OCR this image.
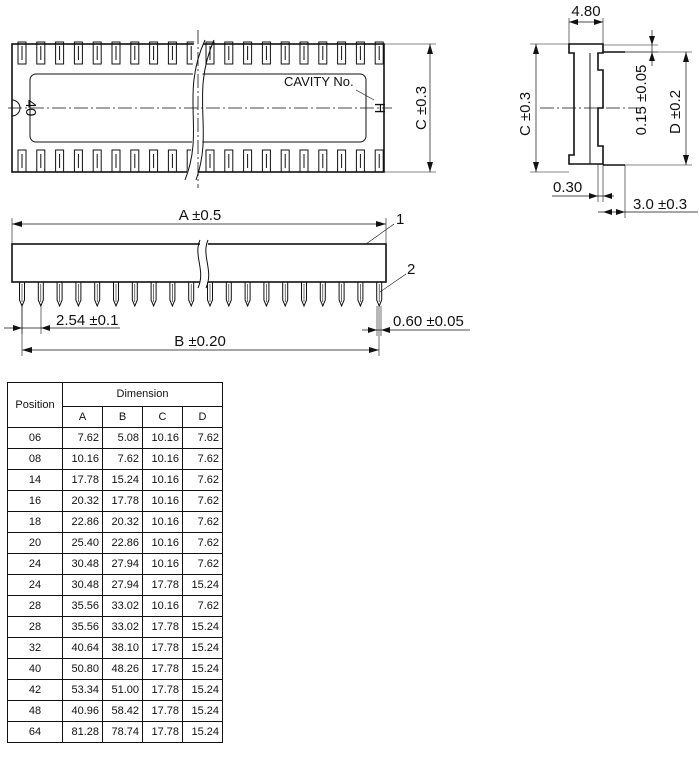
40
CAVITY No.
H C ±0.3
4.80
C ±0.3	0.15 ±0.05 D ±0.2
0.30
3.0 ±0.3
A ±0.5	1
2
2.54 ±0.1	0.60 ±0.05
B ±0.20
Position	Dimension			
	A	B	C	D
06	7.62	5.08	10.16	7.62
08	10.16	7.62	10.16	7.62
14	17.78	15.24	10.16	7.62
16	20.32	17.78	10.16	7.62
18	22.86	20.32	10.16	7.62
20	25.40	22.86	10.16	7.62
24	30.48	27.94	10.16	7.62
24	30.48	27.94	17.78	15.24
28	35.56	33.02	10.16	7.62
28	35.56	33.02	17.78	15.24
32	40.64	38.10	17.78	15.24
40	50.80	48.26	17.78	15.24
42	53.34	51.00	17.78	15.24
48	40.96	58.42	17.78	15.24
64	81.28	78.74	17.78	15.24
